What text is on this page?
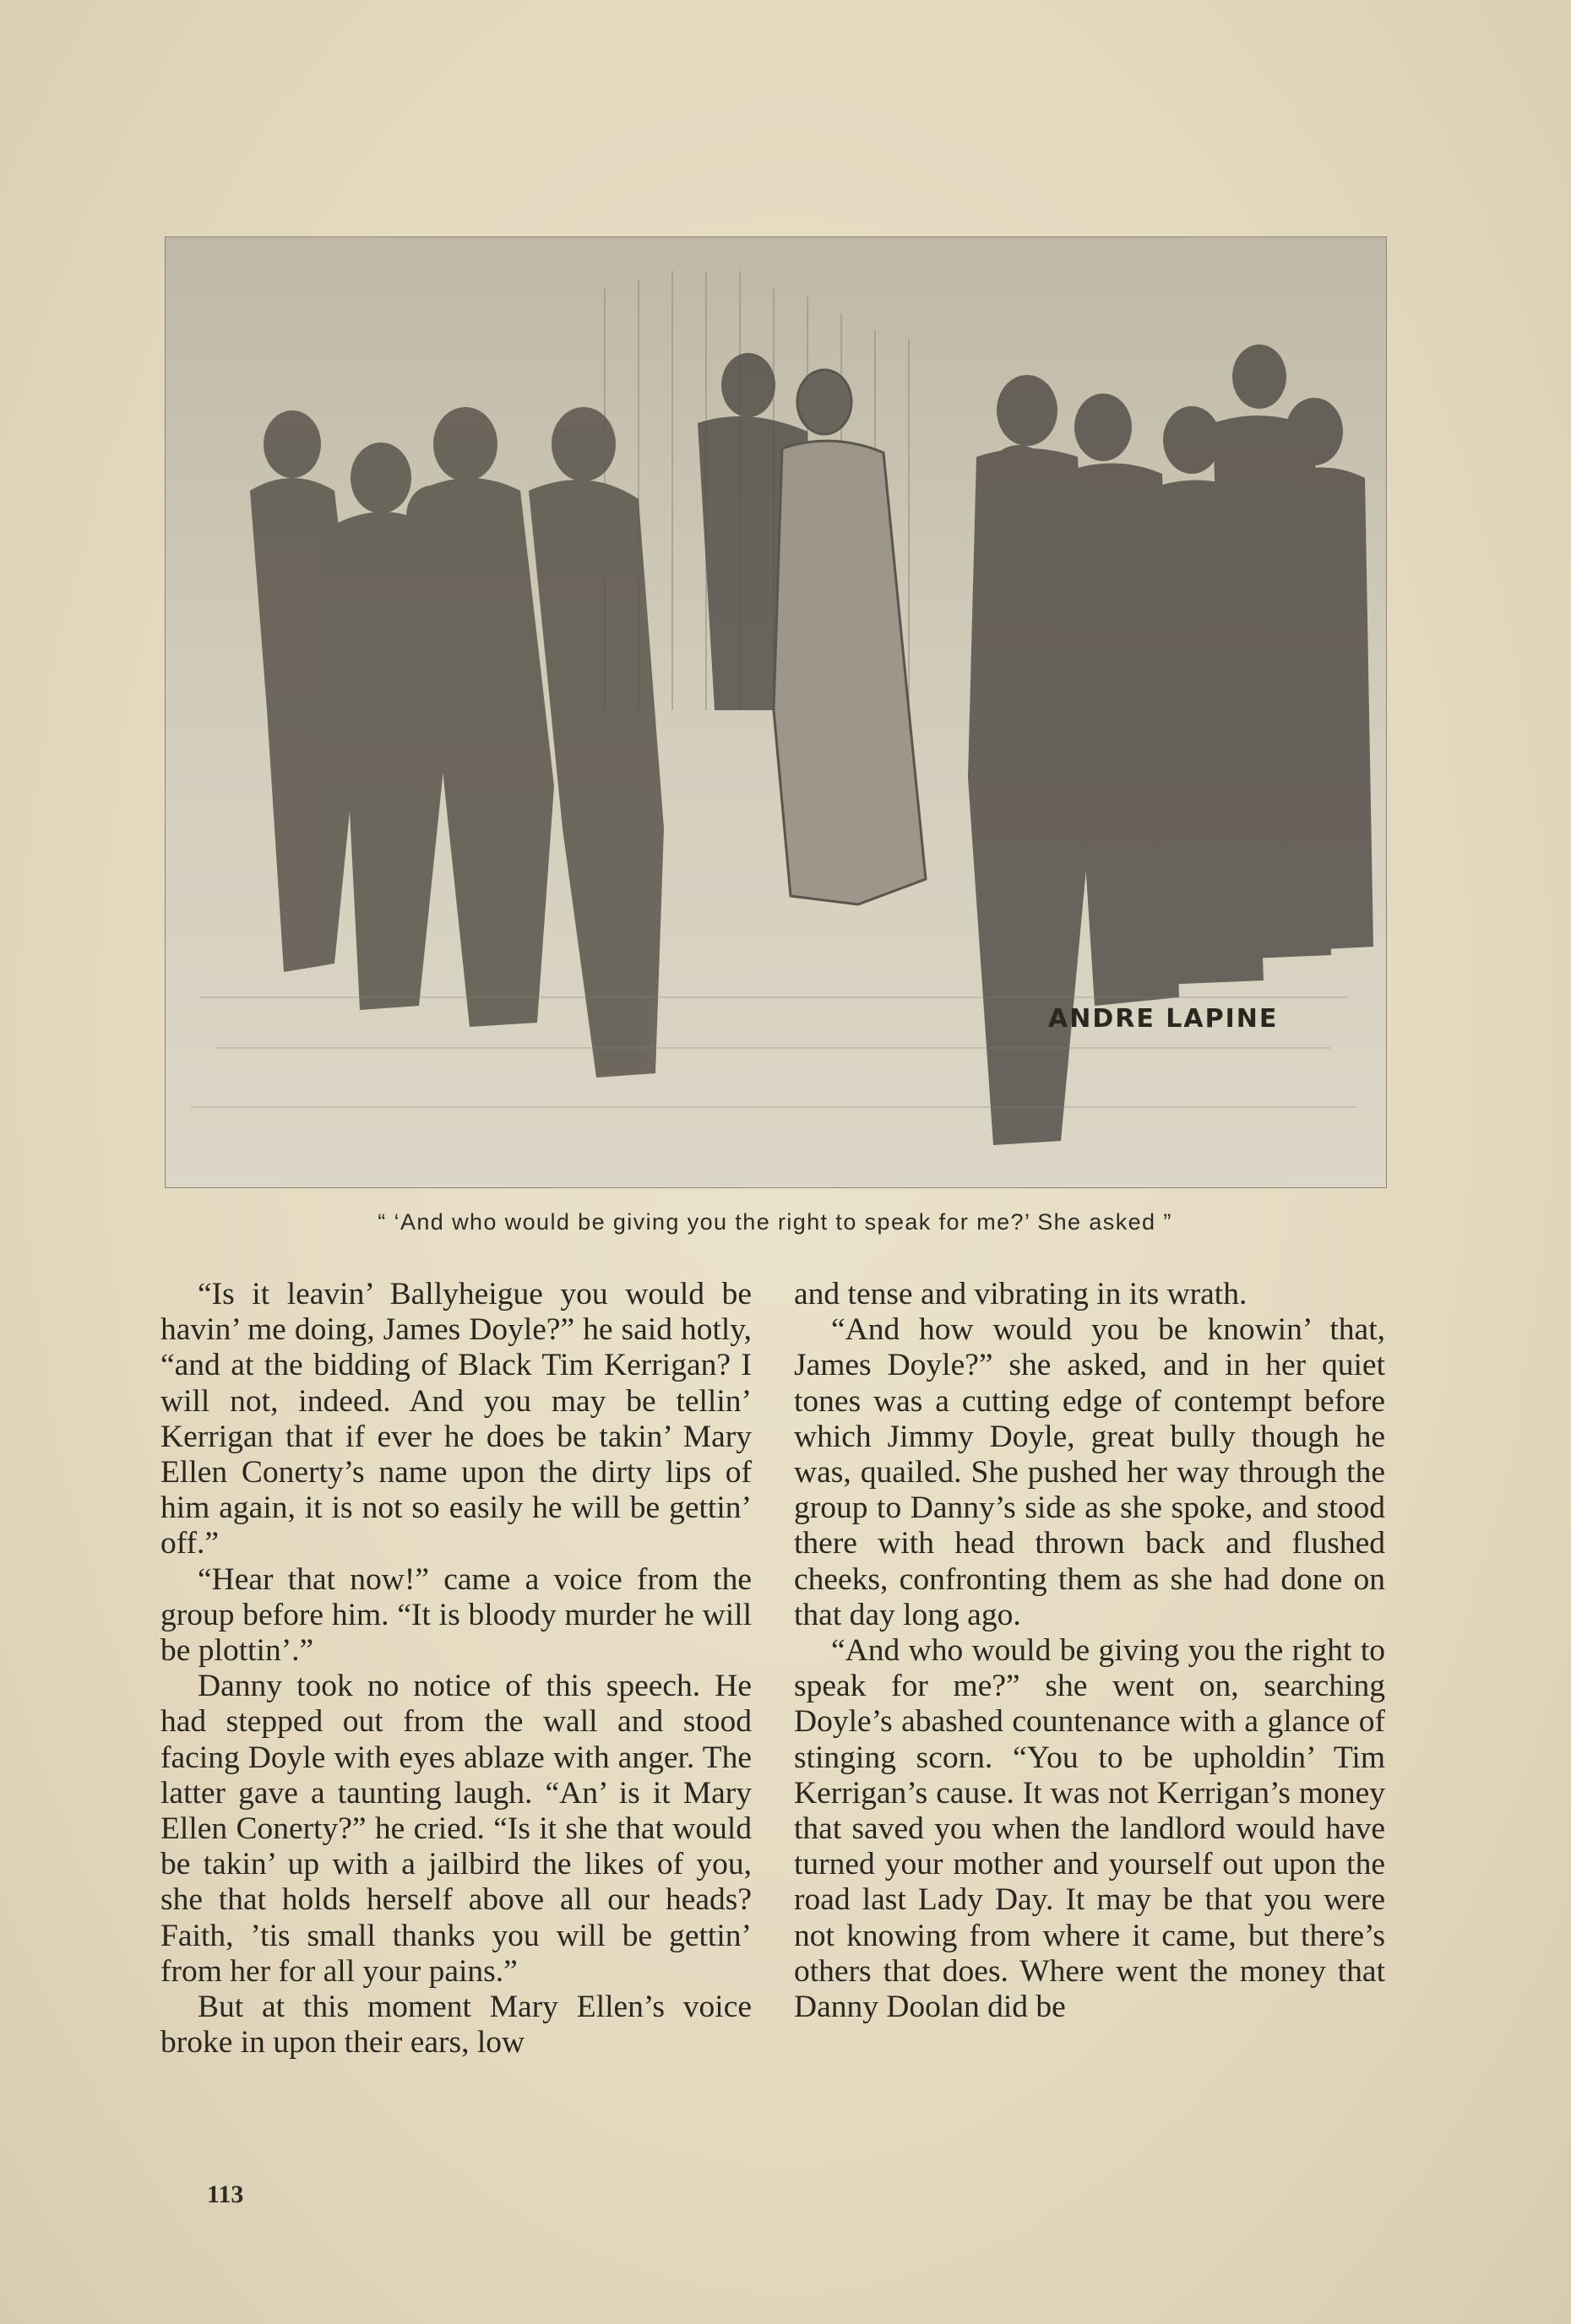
ANDRE LAPINE
“ ‘And who would be giving you the right to speak for me?’ She asked ”

“Is it leavin’ Ballyheigue you would be havin’ me doing, James Doyle?” he said hotly, “and at the bidding of Black Tim Kerrigan? I will not, indeed. And you may be tellin’ Kerrigan that if ever he does be takin’ Mary Ellen Conerty’s name upon the dirty lips of him again, it is not so easily he will be gettin’ off.”

“Hear that now!” came a voice from the group before him. “It is bloody murder he will be plottin’.”

Danny took no notice of this speech. He had stepped out from the wall and stood facing Doyle with eyes ablaze with anger. The latter gave a taunting laugh. “An’ is it Mary Ellen Conerty?” he cried. “Is it she that would be takin’ up with a jailbird the likes of you, she that holds herself above all our heads? Faith, ’tis small thanks you will be gettin’ from her for all your pains.”

But at this moment Mary Ellen’s voice broke in upon their ears, low

and tense and vibrating in its wrath.

“And how would you be knowin’ that, James Doyle?” she asked, and in her quiet tones was a cutting edge of contempt before which Jimmy Doyle, great bully though he was, quailed. She pushed her way through the group to Danny’s side as she spoke, and stood there with head thrown back and flushed cheeks, confronting them as she had done on that day long ago.

“And who would be giving you the right to speak for me?” she went on, searching Doyle’s abashed countenance with a glance of stinging scorn. “You to be upholdin’ Tim Kerrigan’s cause. It was not Kerrigan’s money that saved you when the landlord would have turned your mother and yourself out upon the road last Lady Day. It may be that you were not knowing from where it came, but there’s others that does. Where went the money that Danny Doolan did be

113
